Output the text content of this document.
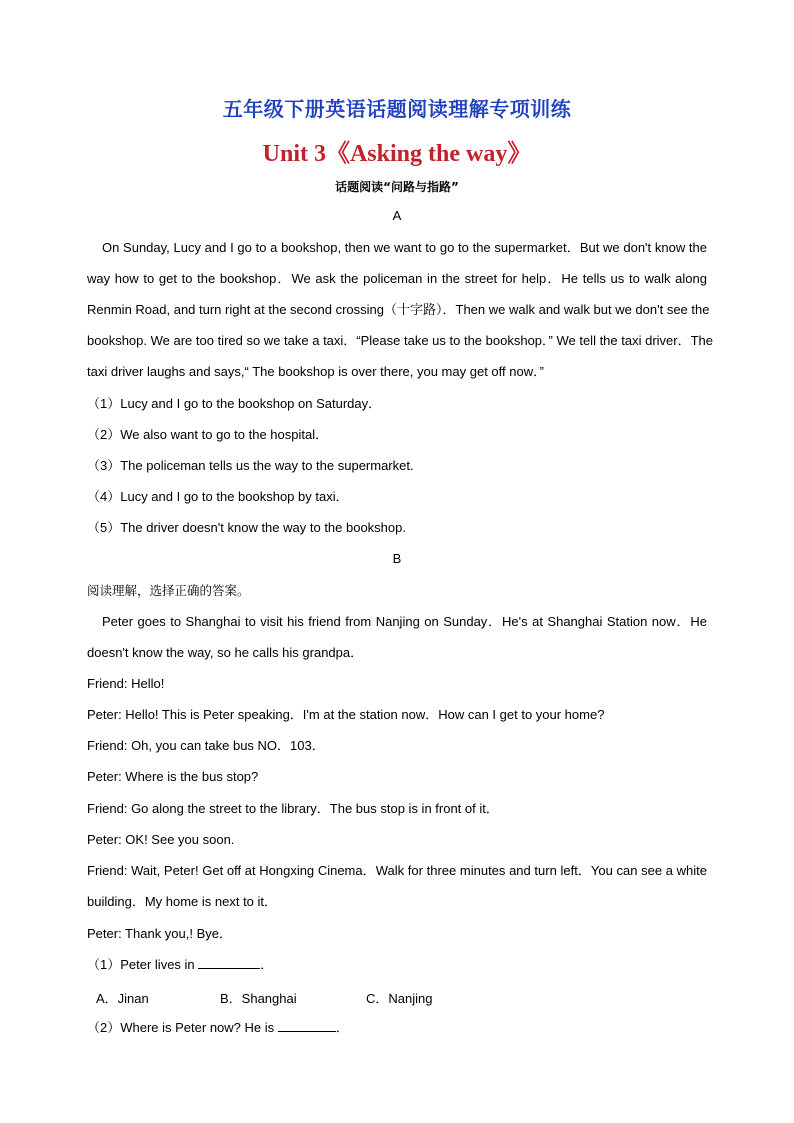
五年级下册英语话题阅读理解专项训练
Unit 3《Asking the way》
话题阅读“问路与指路”
A
On Sunday, Lucy and I go to a bookshop, then we want to go to the supermarket．But we don't know the
way how to get to the bookshop．We ask the policeman in the street for help．He tells us to walk along
Renmin Road, and turn right at the second crossing（十字路）．Then we walk and walk but we don't see the
bookshop. We are too tired so we take a taxi．“Please take us to the bookshop．” We tell the taxi driver．The
taxi driver laughs and says,“ The bookshop is over there, you may get off now．”
（1）Lucy and I go to the bookshop on Saturday．
（2）We also want to go to the hospital．
（3）The policeman tells us the way to the supermarket.
（4）Lucy and I go to the bookshop by taxi．
（5）The driver doesn't know the way to the bookshop.
B
阅读理解，选择正确的答案。
Peter goes to Shanghai to visit his friend from Nanjing on Sunday．He's at Shanghai Station now．He
doesn't know the way, so he calls his grandpa．
Friend: Hello!
Peter: Hello! This is Peter speaking．I'm at the station now．How can I get to your home?
Friend: Oh, you can take bus NO．103．
Peter: Where is the bus stop?
Friend: Go along the street to the library．The bus stop is in front of it．
Peter: OK! See you soon.
Friend: Wait, Peter! Get off at Hongxing Cinema．Walk for three minutes and turn left．You can see a white
building．My home is next to it．
Peter: Thank you,! Bye．
（1）Peter lives in	．
A．Jinan	B．Shanghai	C．Nanjing
（2）Where is Peter now? He is	．
